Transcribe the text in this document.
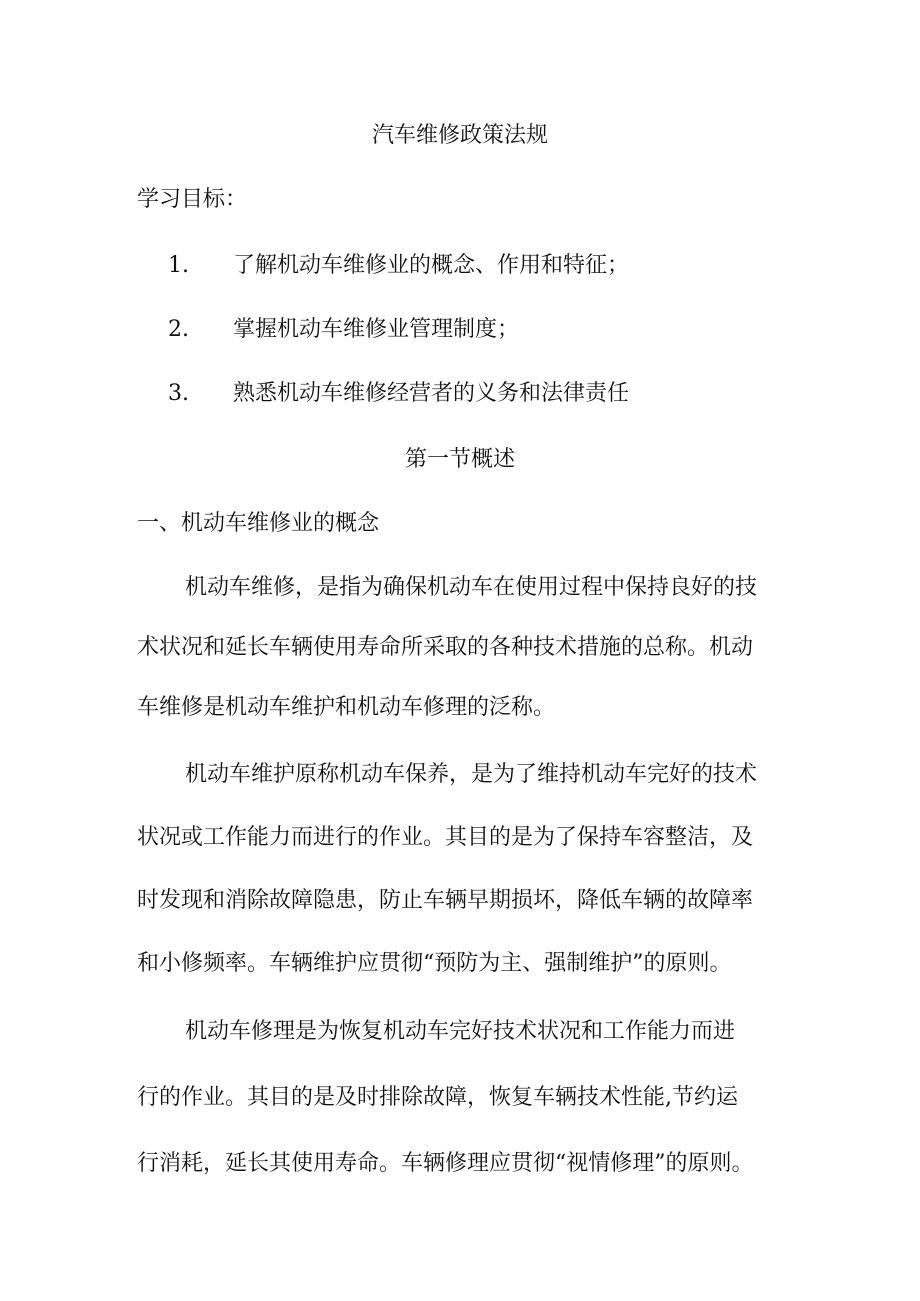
汽车维修政策法规
学习目标：
1. 了解机动车维修业的概念、作用和特征；
2. 掌握机动车维修业管理制度；
3. 熟悉机动车维修经营者的义务和法律责任
第一节概述
一、机动车维修业的概念
机动车维修，是指为确保机动车在使用过程中保持良好的技
术状况和延长车辆使用寿命所采取的各种技术措施的总称。机动
车维修是机动车维护和机动车修理的泛称。
机动车维护原称机动车保养，是为了维持机动车完好的技术
状况或工作能力而进行的作业。其目的是为了保持车容整洁，及
时发现和消除故障隐患，防止车辆早期损坏，降低车辆的故障率
和小修频率。车辆维护应贯彻“预防为主、强制维护”的原则。
机动车修理是为恢复机动车完好技术状况和工作能力而进
行的作业。其目的是及时排除故障，恢复车辆技术性能,节约运
行消耗，延长其使用寿命。车辆修理应贯彻“视情修理”的原则。
